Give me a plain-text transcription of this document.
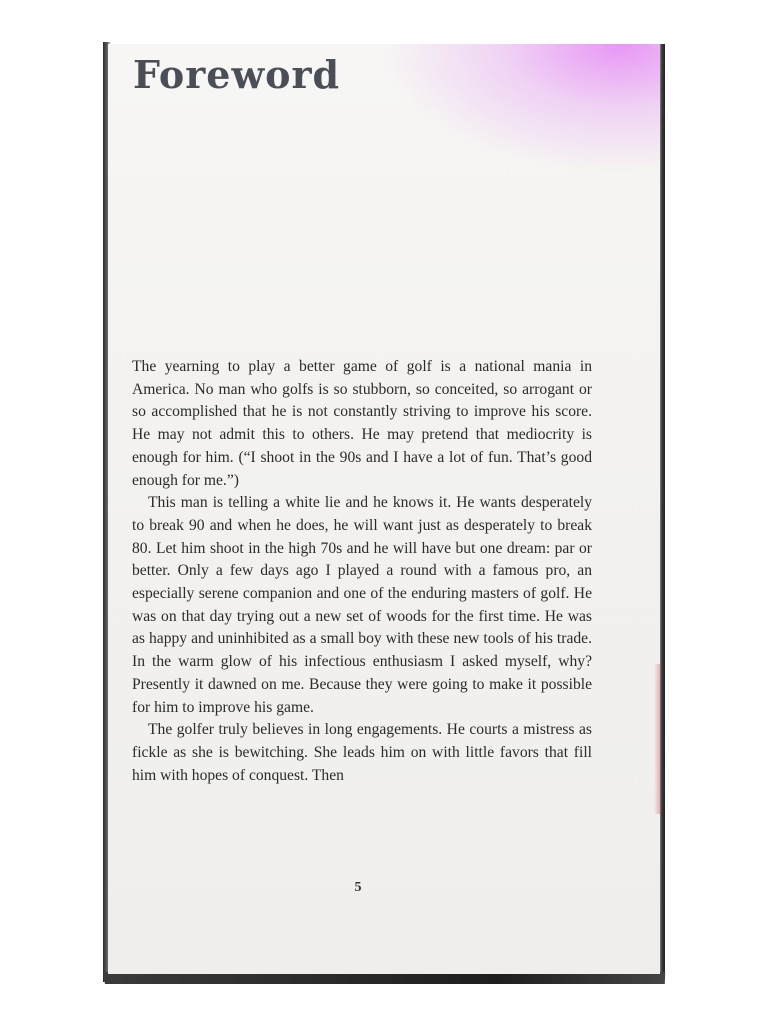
Foreword

The yearning to play a better game of golf is a national mania in America. No man who golfs is so stubborn, so conceited, so arrogant or so accomplished that he is not constantly striving to improve his score. He may not admit this to others. He may pretend that mediocrity is enough for him. (“I shoot in the 90s and I have a lot of fun. That’s good enough for me.”)

This man is telling a white lie and he knows it. He wants desperately to break 90 and when he does, he will want just as desperately to break 80. Let him shoot in the high 70s and he will have but one dream: par or better. Only a few days ago I played a round with a famous pro, an especially serene companion and one of the enduring masters of golf. He was on that day trying out a new set of woods for the first time. He was as happy and uninhibited as a small boy with these new tools of his trade. In the warm glow of his infectious enthusiasm I asked myself, why? Presently it dawned on me. Because they were going to make it possible for him to improve his game.

The golfer truly believes in long engagements. He courts a mistress as fickle as she is bewitching. She leads him on with little favors that fill him with hopes of conquest. Then

5
